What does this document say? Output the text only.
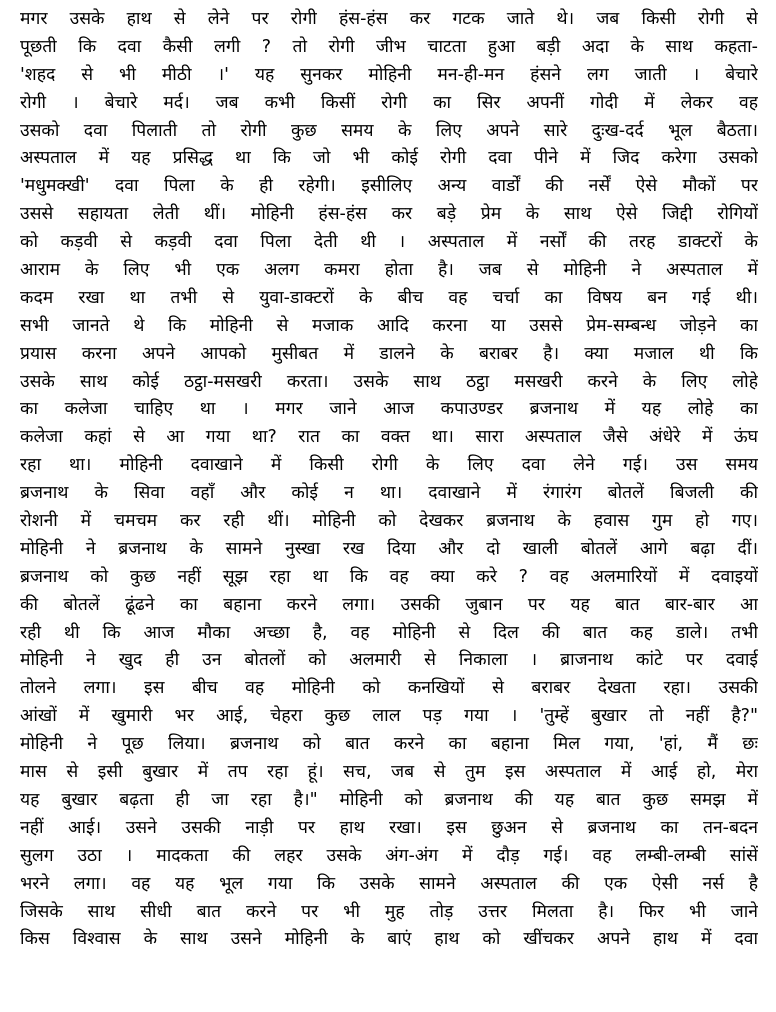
मगर उसके हाथ से लेने पर रोगी हंस-हंस कर गटक जाते थे। जब किसी रोगी से
पूछती कि दवा कैसी लगी ? तो रोगी जीभ चाटता हुआ बड़ी अदा के साथ कहता-
'शहद से भी मीठी ।' यह सुनकर मोहिनी मन-ही-मन हंसने लग जाती । बेचारे
रोगी । बेचारे मर्द। जब कभी किसीं रोगी का सिर अपनीं गोदी में लेकर वह
उसको दवा पिलाती तो रोगी कुछ समय के लिए अपने सारे दुःख-दर्द भूल बैठता।
अस्पताल में यह प्रसिद्ध था कि जो भी कोई रोगी दवा पीने में जिद करेगा उसको
'मधुमक्खी' दवा पिला के ही रहेगी। इसीलिए अन्य वार्डों की नर्सें ऐसे मौकों पर
उससे सहायता लेती थीं। मोहिनी हंस-हंस कर बड़े प्रेम के साथ ऐसे जिद्दी रोगियों
को कड़वी से कड़वी दवा पिला देती थी । अस्पताल में नर्सों की तरह डाक्टरों के
आराम के लिए भी एक अलग कमरा होता है। जब से मोहिनी ने अस्पताल में
कदम रखा था तभी से युवा-डाक्टरों के बीच वह चर्चा का विषय बन गई थी।
सभी जानते थे कि मोहिनी से मजाक आदि करना या उससे प्रेम-सम्बन्ध जोड़ने का
प्रयास करना अपने आपको मुसीबत में डालने के बराबर है। क्या मजाल थी कि
उसके साथ कोई ठट्ठा-मसखरी करता। उसके साथ ठट्ठा मसखरी करने के लिए लोहे
का कलेजा चाहिए था । मगर जाने आज कपाउण्डर ब्रजनाथ में यह लोहे का
कलेजा कहां से आ गया था? रात का वक्त था। सारा अस्पताल जैसे अंधेरे में ऊंघ
रहा था। मोहिनी दवाखाने में किसी रोगी के लिए दवा लेने गई। उस समय
ब्रजनाथ के सिवा वहाँ और कोई न था। दवाखाने में रंगारंग बोतलें बिजली की
रोशनी में चमचम कर रही थीं। मोहिनी को देखकर ब्रजनाथ के हवास गुम हो गए।
मोहिनी ने ब्रजनाथ के सामने नुस्खा रख दिया और दो खाली बोतलें आगे बढ़ा दीं।
ब्रजनाथ को कुछ नहीं सूझ रहा था कि वह क्या करे ? वह अलमारियों में दवाइयों
की बोतलें ढूंढने का बहाना करने लगा। उसकी जुबान पर यह बात बार-बार आ
रही थी कि आज मौका अच्छा है, वह मोहिनी से दिल की बात कह डाले। तभी
मोहिनी ने खुद ही उन बोतलों को अलमारी से निकाला । ब्राजनाथ कांटे पर दवाई
तोलने लगा। इस बीच वह मोहिनी को कनखियों से बराबर देखता रहा। उसकी
आंखों में खुमारी भर आई, चेहरा कुछ लाल पड़ गया । 'तुम्हें बुखार तो नहीं है?"
मोहिनी ने पूछ लिया। ब्रजनाथ को बात करने का बहाना मिल गया, 'हां, मैं छः
मास से इसी बुखार में तप रहा हूं। सच, जब से तुम इस अस्पताल में आई हो, मेरा
यह बुखार बढ़ता ही जा रहा है।" मोहिनी को ब्रजनाथ की यह बात कुछ समझ में
नहीं आई। उसने उसकी नाड़ी पर हाथ रखा। इस छुअन से ब्रजनाथ का तन-बदन
सुलग उठा । मादकता की लहर उसके अंग-अंग में दौड़ गई। वह लम्बी-लम्बी सांसें
भरने लगा। वह यह भूल गया कि उसके सामने अस्पताल की एक ऐसी नर्स है
जिसके साथ सीधी बात करने पर भी मुह तोड़ उत्तर मिलता है। फिर भी जाने
किस विश्वास के साथ उसने मोहिनी के बाएं हाथ को खींचकर अपने हाथ में दवा
